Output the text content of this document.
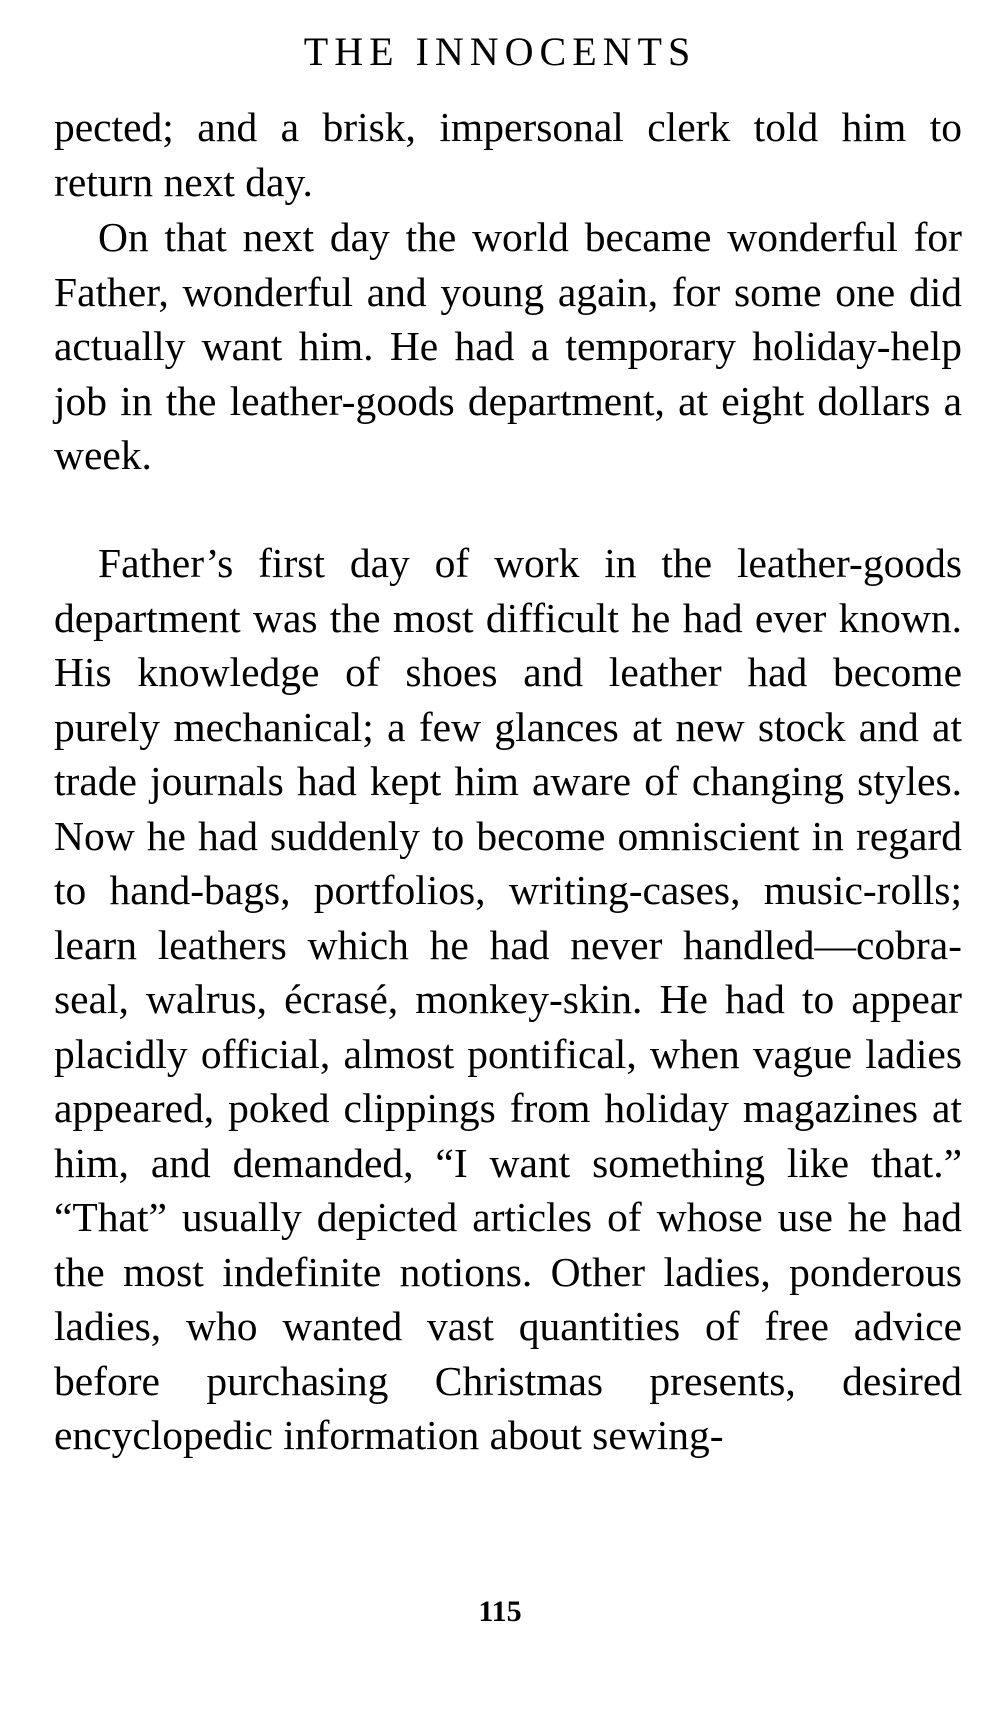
THE INNOCENTS

pected; and a brisk, impersonal clerk told him to return next day.

On that next day the world became wonderful for Father, wonderful and young again, for some one did actually want him. He had a temporary holiday-help job in the leather-goods department, at eight dollars a week.

Father’s first day of work in the leather-goods department was the most difficult he had ever known. His knowledge of shoes and leather had become purely mechanical; a few glances at new stock and at trade journals had kept him aware of changing styles. Now he had suddenly to become omniscient in regard to hand-bags, portfolios, writing-cases, music-rolls; learn leathers which he had never handled—cobra-seal, walrus, écrasé, monkey-skin. He had to appear placidly official, almost pontifical, when vague ladies appeared, poked clippings from holiday magazines at him, and demanded, “I want something like that.” “That” usually depicted articles of whose use he had the most indefinite notions. Other ladies, ponderous ladies, who wanted vast quantities of free advice before purchasing Christmas presents, desired encyclopedic information about sewing-

115
